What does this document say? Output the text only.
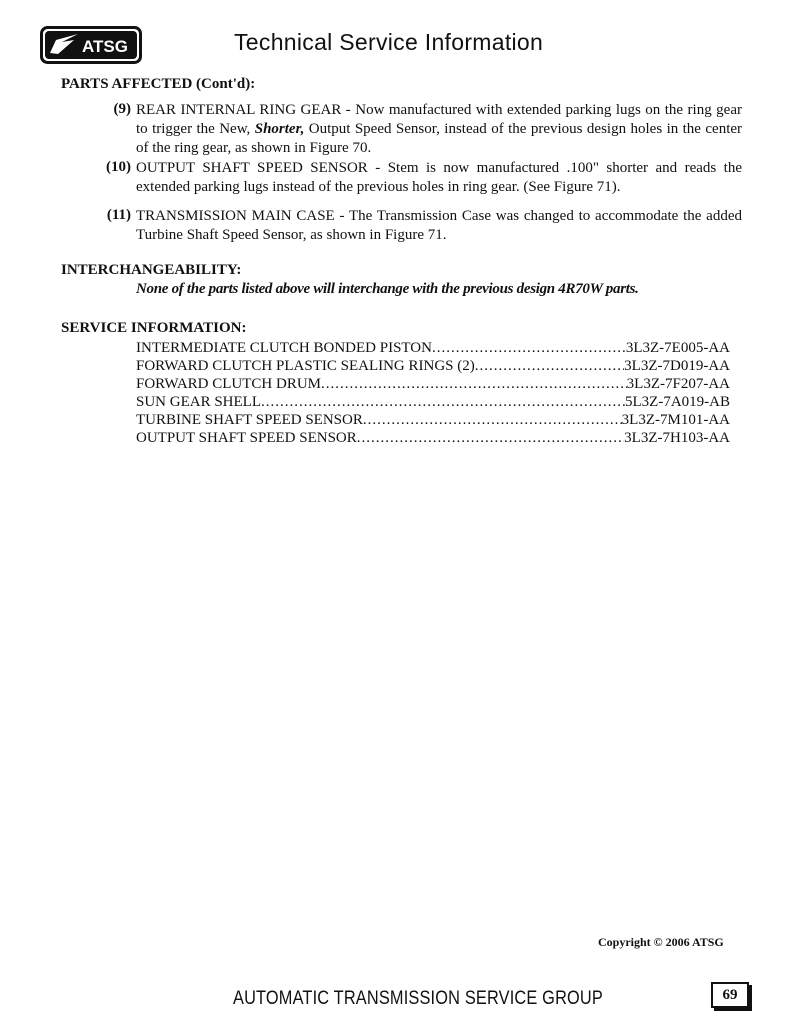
ATSG	Technical Service Information
PARTS AFFECTED (Cont'd):
(9) REAR INTERNAL RING GEAR - Now manufactured with extended parking lugs on the ring gear to trigger the New, Shorter, Output Speed Sensor, instead of the previous design holes in the center of the ring gear, as shown in Figure 70.
(10) OUTPUT SHAFT SPEED SENSOR - Stem is now manufactured .100" shorter and reads the extended parking lugs instead of the previous holes in ring gear. (See Figure 71).
(11) TRANSMISSION MAIN CASE - The Transmission Case was changed to accommodate the added Turbine Shaft Speed Sensor, as shown in Figure 71.
INTERCHANGEABILITY:
None of the parts listed above will interchange with the previous design 4R70W parts.
SERVICE INFORMATION:
INTERMEDIATE CLUTCH BONDED PISTON .....	3L3Z-7E005-AA
FORWARD CLUTCH PLASTIC SEALING RINGS (2) .....	3L3Z-7D019-AA
FORWARD CLUTCH DRUM .....	3L3Z-7F207-AA
SUN GEAR SHELL .....	5L3Z-7A019-AB
TURBINE SHAFT SPEED SENSOR .....	3L3Z-7M101-AA
OUTPUT SHAFT SPEED SENSOR .....	3L3Z-7H103-AA
Copyright © 2006 ATSG
AUTOMATIC TRANSMISSION SERVICE GROUP	69
